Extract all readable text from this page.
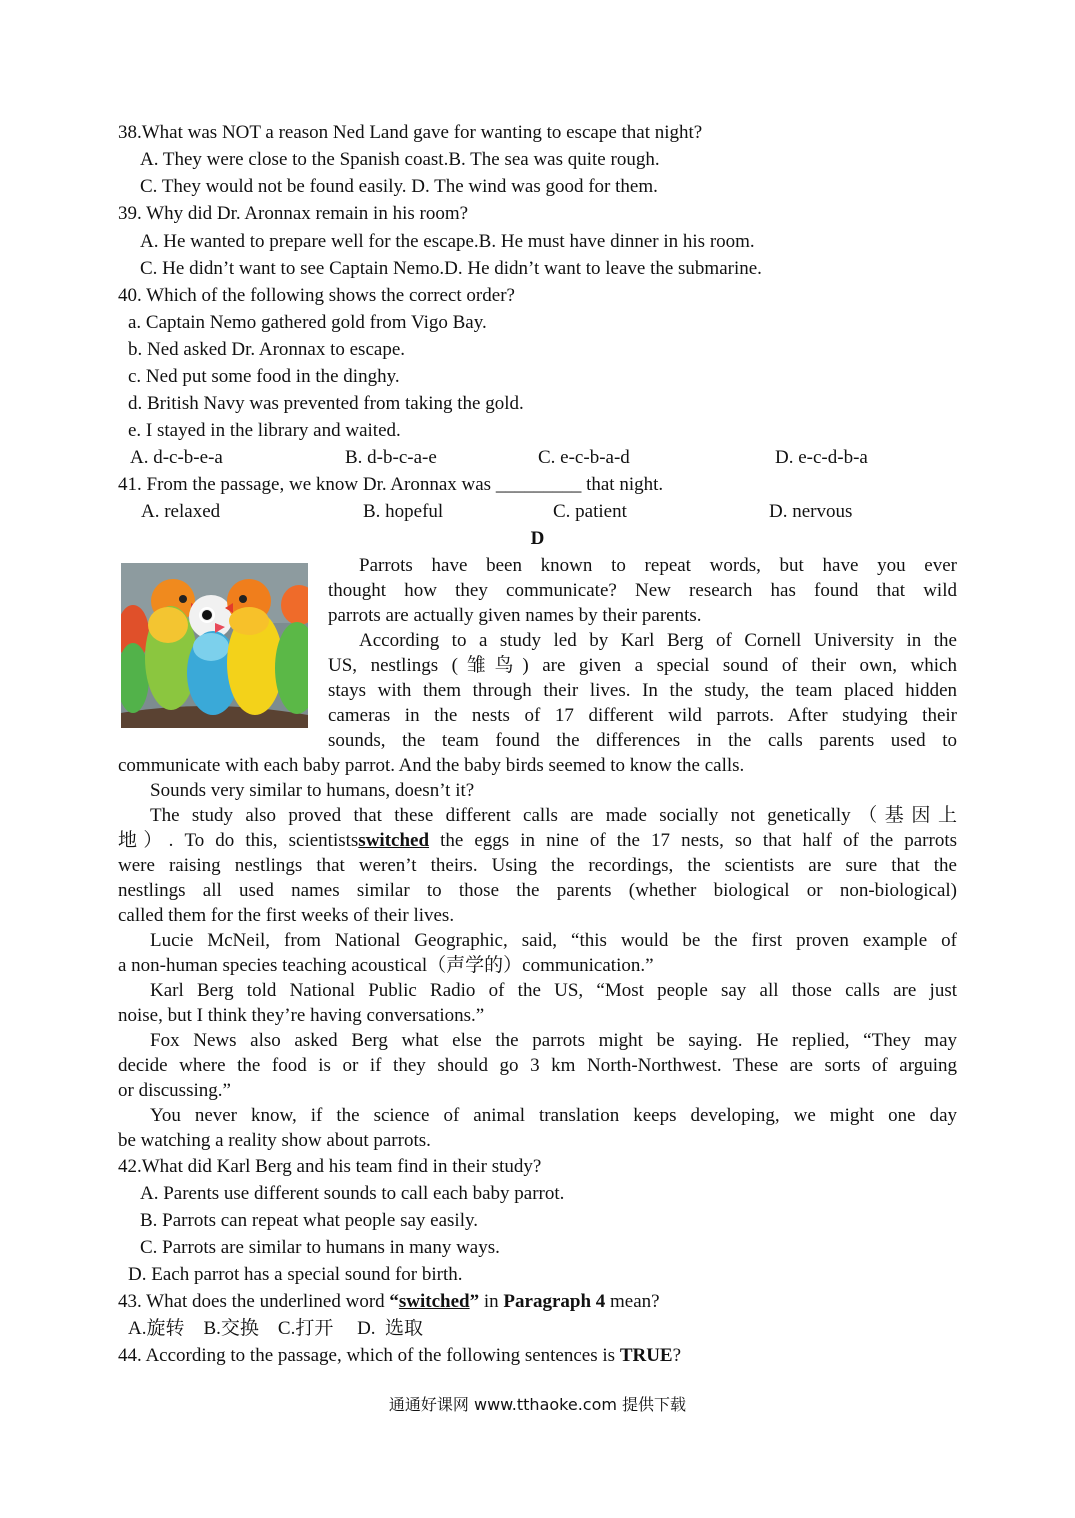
38.What was NOT a reason Ned Land gave for wanting to escape that night?
A. They were close to the Spanish coast.B. The sea was quite rough.
C. They would not be found easily. D. The wind was good for them.
39. Why did Dr. Aronnax remain in his room?
A. He wanted to prepare well for the escape.B. He must have dinner in his room.
C. He didn’t want to see Captain Nemo.D. He didn’t want to leave the submarine.
40. Which of the following shows the correct order?
a. Captain Nemo gathered gold from Vigo Bay.
b. Ned asked Dr. Aronnax to escape.
c. Ned put some food in the dinghy.
d. British Navy was prevented from taking the gold.
e. I stayed in the library and waited.
A. d-c-b-e-a	B. d-b-c-a-e	C. e-c-b-a-d	D. e-c-d-b-a
41. From the passage, we know Dr. Aronnax was _________ that night.
A. relaxed	B. hopeful	C. patient	D. nervous
D
Parrots have been known to repeat words, but have you ever
thought how they communicate? New research has found that wild
parrots are actually given names by their parents.
According to a study led by Karl Berg of Cornell University in the
US, nestlings (雏鸟) are given a special sound of their own, which
stays with them through their lives. In the study, the team placed hidden
cameras in the nests of 17 different wild parrots. After studying their
sounds, the team found the differences in the calls parents used to
communicate with each baby parrot. And the baby birds seemed to know the calls.
Sounds very similar to humans, doesn’t it?
The study also proved that these different calls are made socially not genetically（基因上
地）. To do this, scientistsswitched the eggs in nine of the 17 nests, so that half of the parrots
were raising nestlings that weren’t theirs. Using the recordings, the scientists are sure that the
nestlings all used names similar to those the parents (whether biological or non-biological)
called them for the first weeks of their lives.
Lucie McNeil, from National Geographic, said, “this would be the first proven example of
a non-human species teaching acoustical（声学的）communication.”
Karl Berg told National Public Radio of the US, “Most people say all those calls are just
noise, but I think they’re having conversations.”
Fox News also asked Berg what else the parrots might be saying. He replied, “They may
decide where the food is or if they should go 3 km North-Northwest. These are sorts of arguing
or discussing.”
You never know, if the science of animal translation keeps developing, we might one day
be watching a reality show about parrots.
42.What did Karl Berg and his team find in their study?
A. Parents use different sounds to call each baby parrot.
B. Parrots can repeat what people say easily.
C. Parrots are similar to humans in many ways.
D. Each parrot has a special sound for birth.
43. What does the underlined word “switched” in Paragraph 4 mean?
A.旋转    B.交换    C.打开     D.  选取
44. According to the passage, which of the following sentences is TRUE?
通通好课网 www.tthaoke.com 提供下载
